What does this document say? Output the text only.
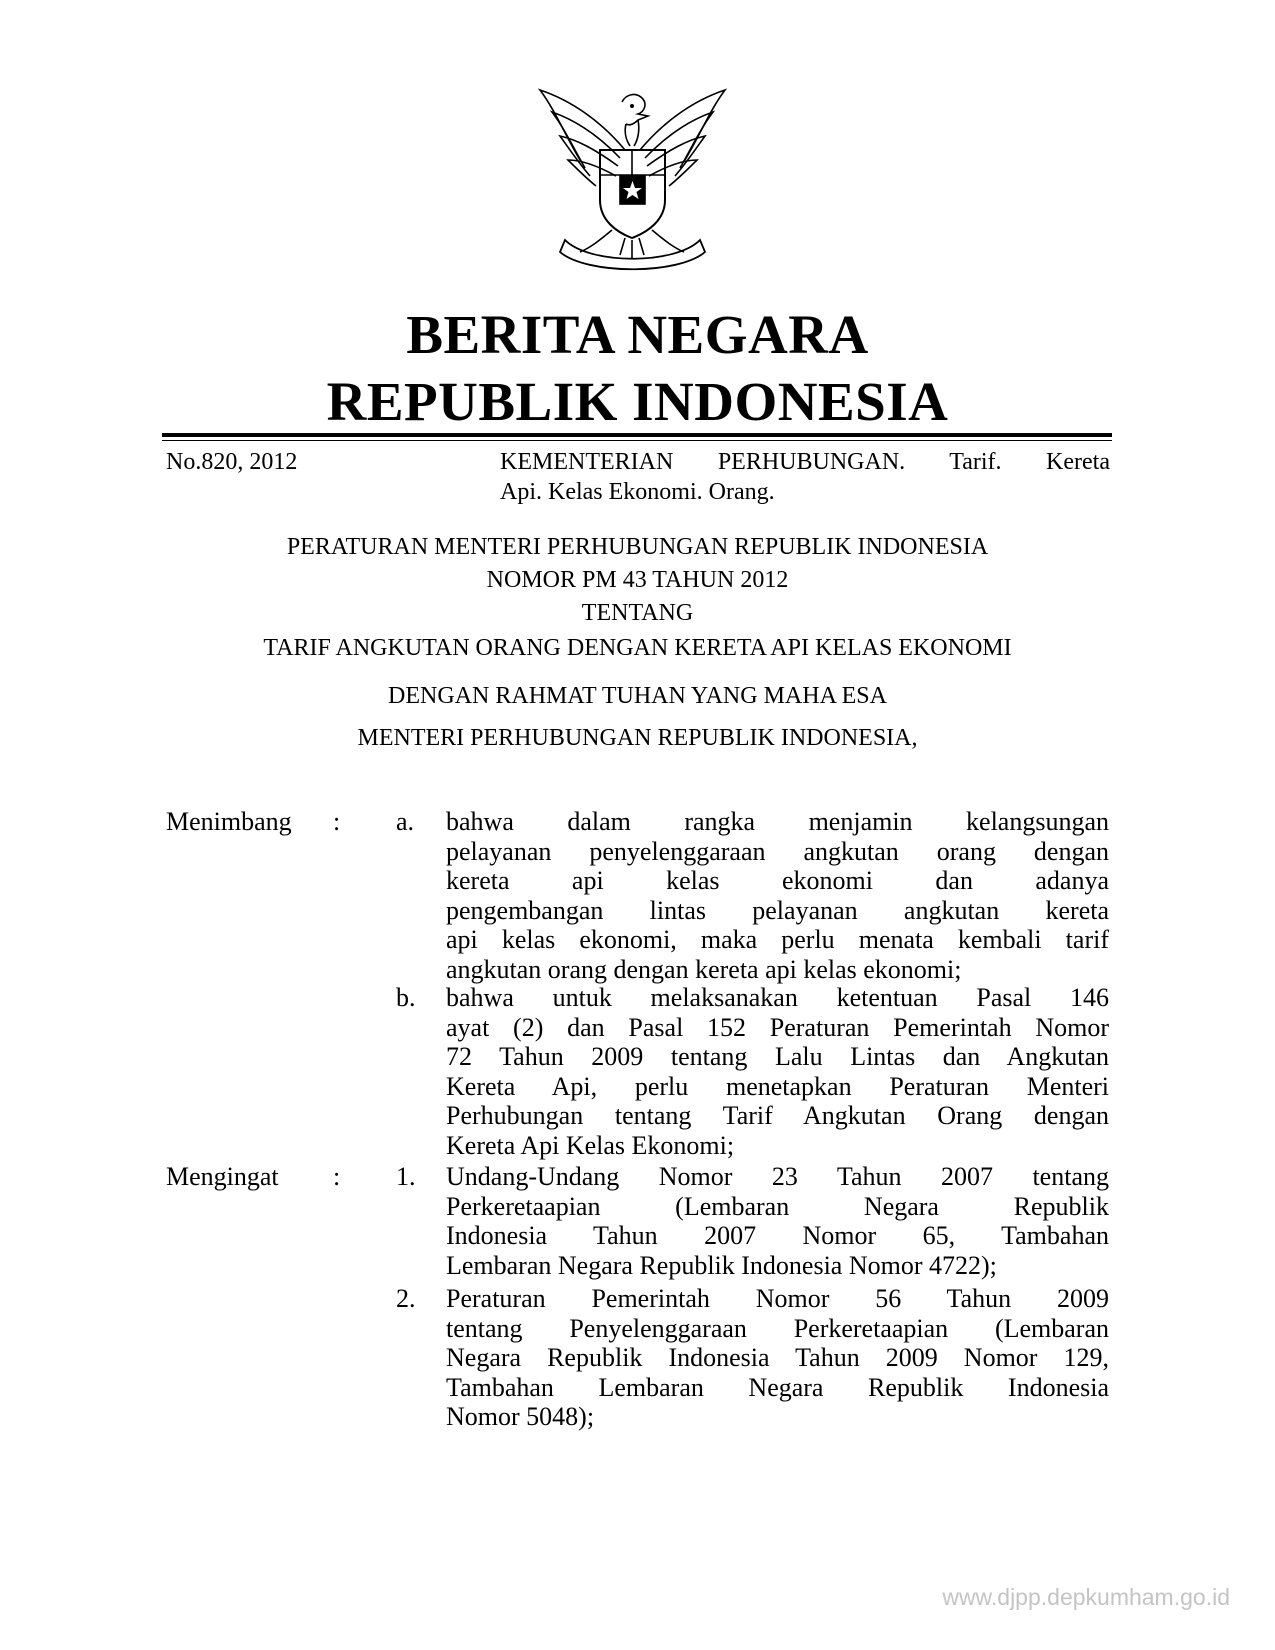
BERITA NEGARA
REPUBLIK INDONESIA
No.820, 2012	KEMENTERIAN PERHUBUNGAN. Tarif. Kereta
Api. Kelas Ekonomi. Orang.
PERATURAN MENTERI PERHUBUNGAN REPUBLIK INDONESIA
NOMOR PM 43 TAHUN 2012
TENTANG
TARIF ANGKUTAN ORANG DENGAN KERETA API KELAS EKONOMI
DENGAN RAHMAT TUHAN YANG MAHA ESA
MENTERI PERHUBUNGAN REPUBLIK INDONESIA,
Menimbang : a. bahwa dalam rangka menjamin kelangsungan
pelayanan penyelenggaraan angkutan orang dengan
kereta api kelas ekonomi dan adanya
pengembangan lintas pelayanan angkutan kereta
api kelas ekonomi, maka perlu menata kembali tarif
angkutan orang dengan kereta api kelas ekonomi;
b. bahwa untuk melaksanakan ketentuan Pasal 146
ayat (2) dan Pasal 152 Peraturan Pemerintah Nomor
72 Tahun 2009 tentang Lalu Lintas dan Angkutan
Kereta Api, perlu menetapkan Peraturan Menteri
Perhubungan tentang Tarif Angkutan Orang dengan
Kereta Api Kelas Ekonomi;
Mengingat : 1. Undang-Undang Nomor 23 Tahun 2007 tentang
Perkeretaapian (Lembaran Negara Republik
Indonesia Tahun 2007 Nomor 65, Tambahan
Lembaran Negara Republik Indonesia Nomor 4722);
2. Peraturan Pemerintah Nomor 56 Tahun 2009
tentang Penyelenggaraan Perkeretaapian (Lembaran
Negara Republik Indonesia Tahun 2009 Nomor 129,
Tambahan Lembaran Negara Republik Indonesia
Nomor 5048);
www.djpp.depkumham.go.id
